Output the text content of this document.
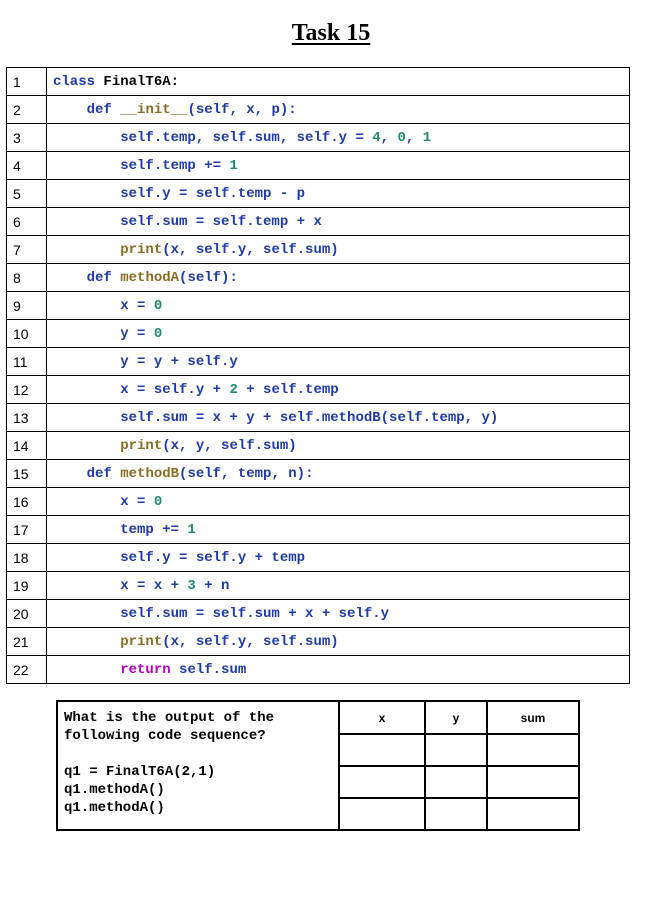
Task 15
1	class FinalT6A:
2	def __init__(self, x, p):
3	self.temp, self.sum, self.y = 4, 0, 1
4	self.temp += 1
5	self.y = self.temp - p
6	self.sum = self.temp + x
7	print(x, self.y, self.sum)
8	def methodA(self):
9	x = 0
10	y = 0
11	y = y + self.y
12	x = self.y + 2 + self.temp
13	self.sum = x + y + self.methodB(self.temp, y)
14	print(x, y, self.sum)
15	def methodB(self, temp, n):
16	x = 0
17	temp += 1
18	self.y = self.y + temp
19	x = x + 3 + n
20	self.sum = self.sum + x + self.y
21	print(x, self.y, self.sum)
22	return self.sum
What is the output of the
following code sequence?
q1 = FinalT6A(2,1)
q1.methodA()
q1.methodA()	x	y	sum
